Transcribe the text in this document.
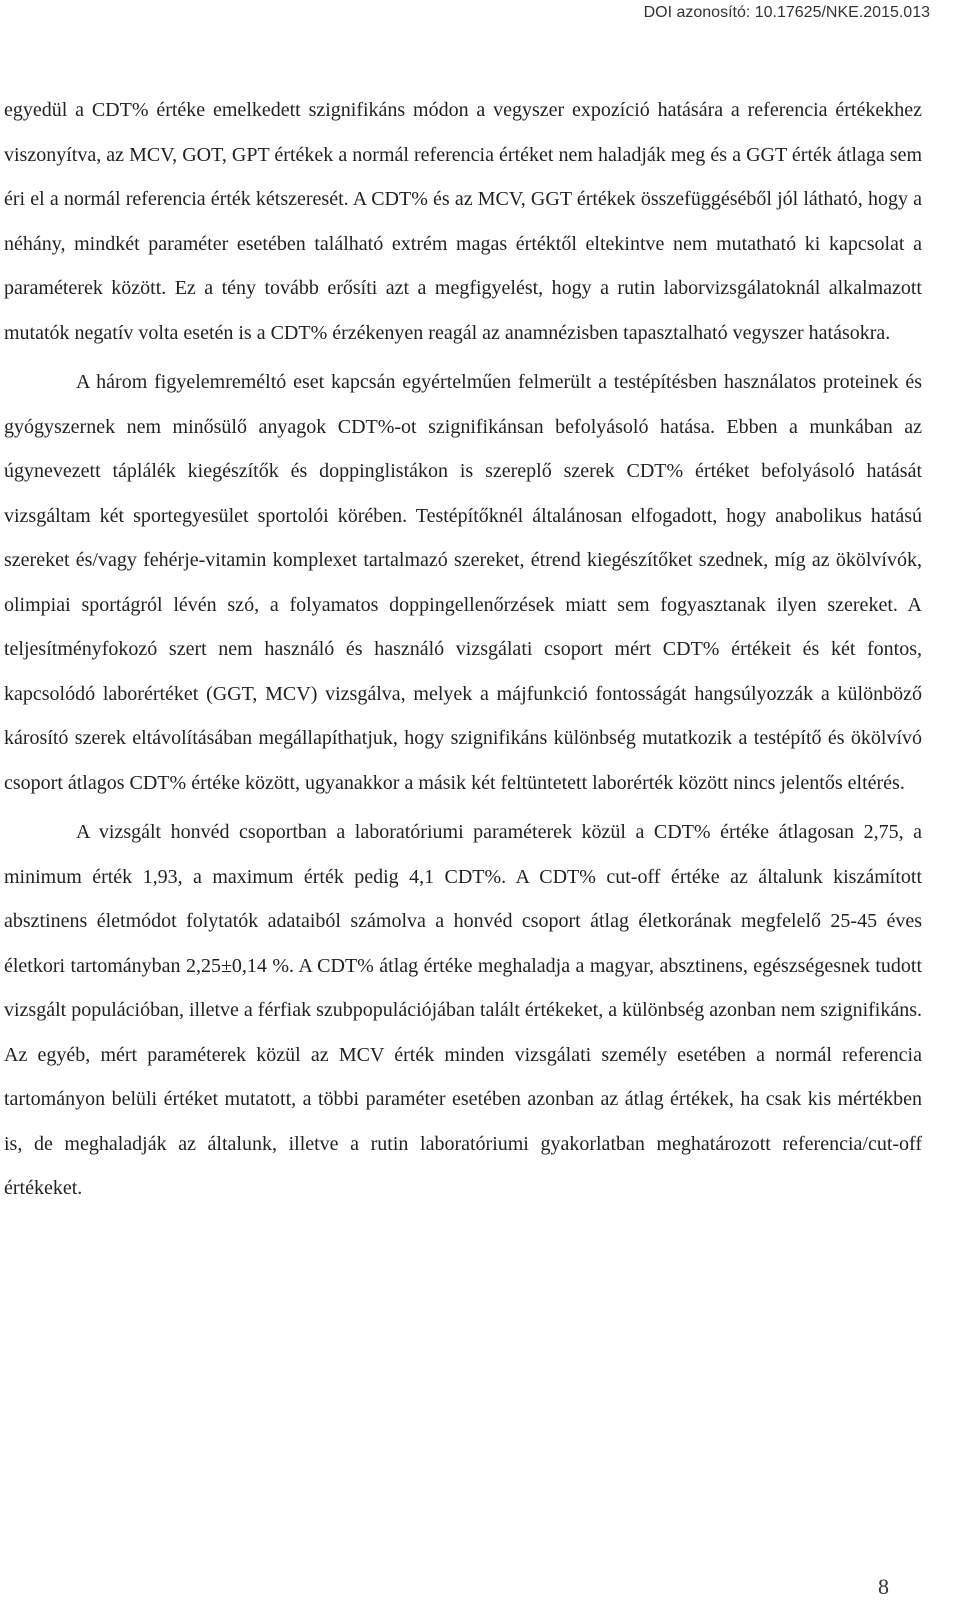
DOI azonosító: 10.17625/NKE.2015.013

egyedül a CDT% értéke emelkedett szignifikáns módon a vegyszer expozíció hatására a referencia értékekhez viszonyítva, az MCV, GOT, GPT értékek a normál referencia értéket nem haladják meg és a GGT érték átlaga sem éri el a normál referencia érték kétszeresét. A CDT% és az MCV, GGT értékek összefüggéséből jól látható, hogy a néhány, mindkét paraméter esetében található extrém magas értéktől eltekintve nem mutatható ki kapcsolat a paraméterek között. Ez a tény tovább erősíti azt a megfigyelést, hogy a rutin laborvizsgálatoknál alkalmazott mutatók negatív volta esetén is a CDT% érzékenyen reagál az anamnézisben tapasztalható vegyszer hatásokra.

A három figyelemreméltó eset kapcsán egyértelműen felmerült a testépítésben használatos proteinek és gyógyszernek nem minősülő anyagok CDT%-ot szignifikánsan befolyásoló hatása. Ebben a munkában az úgynevezett táplálék kiegészítők és doppinglistákon is szereplő szerek CDT% értéket befolyásoló hatását vizsgáltam két sportegyesület sportolói körében. Testépítőknél általánosan elfogadott, hogy anabolikus hatású szereket és/vagy fehérje-vitamin komplexet tartalmazó szereket, étrend kiegészítőket szednek, míg az ökölvívók, olimpiai sportágról lévén szó, a folyamatos doppingellenőrzések miatt sem fogyasztanak ilyen szereket. A teljesítményfokozó szert nem használó és használó vizsgálati csoport mért CDT% értékeit és két fontos, kapcsolódó laborértéket (GGT, MCV) vizsgálva, melyek a májfunkció fontosságát hangsúlyozzák a különböző károsító szerek eltávolításában megállapíthatjuk, hogy szignifikáns különbség mutatkozik a testépítő és ökölvívó csoport átlagos CDT% értéke között, ugyanakkor a másik két feltüntetett laborérték között nincs jelentős eltérés.

A vizsgált honvéd csoportban a laboratóriumi paraméterek közül a CDT% értéke átlagosan 2,75, a minimum érték 1,93, a maximum érték pedig 4,1 CDT%. A CDT% cut-off értéke az általunk kiszámított absztinens életmódot folytatók adataiból számolva a honvéd csoport átlag életkorának megfelelő 25-45 éves életkori tartományban 2,25±0,14 %. A CDT% átlag értéke meghaladja a magyar, absztinens, egészségesnek tudott vizsgált populációban, illetve a férfiak szubpopulációjában talált értékeket, a különbség azonban nem szignifikáns. Az egyéb, mért paraméterek közül az MCV érték minden vizsgálati személy esetében a normál referencia tartományon belüli értéket mutatott, a többi paraméter esetében azonban az átlag értékek, ha csak kis mértékben is, de meghaladják az általunk, illetve a rutin laboratóriumi gyakorlatban meghatározott referencia/cut-off értékeket.

8
